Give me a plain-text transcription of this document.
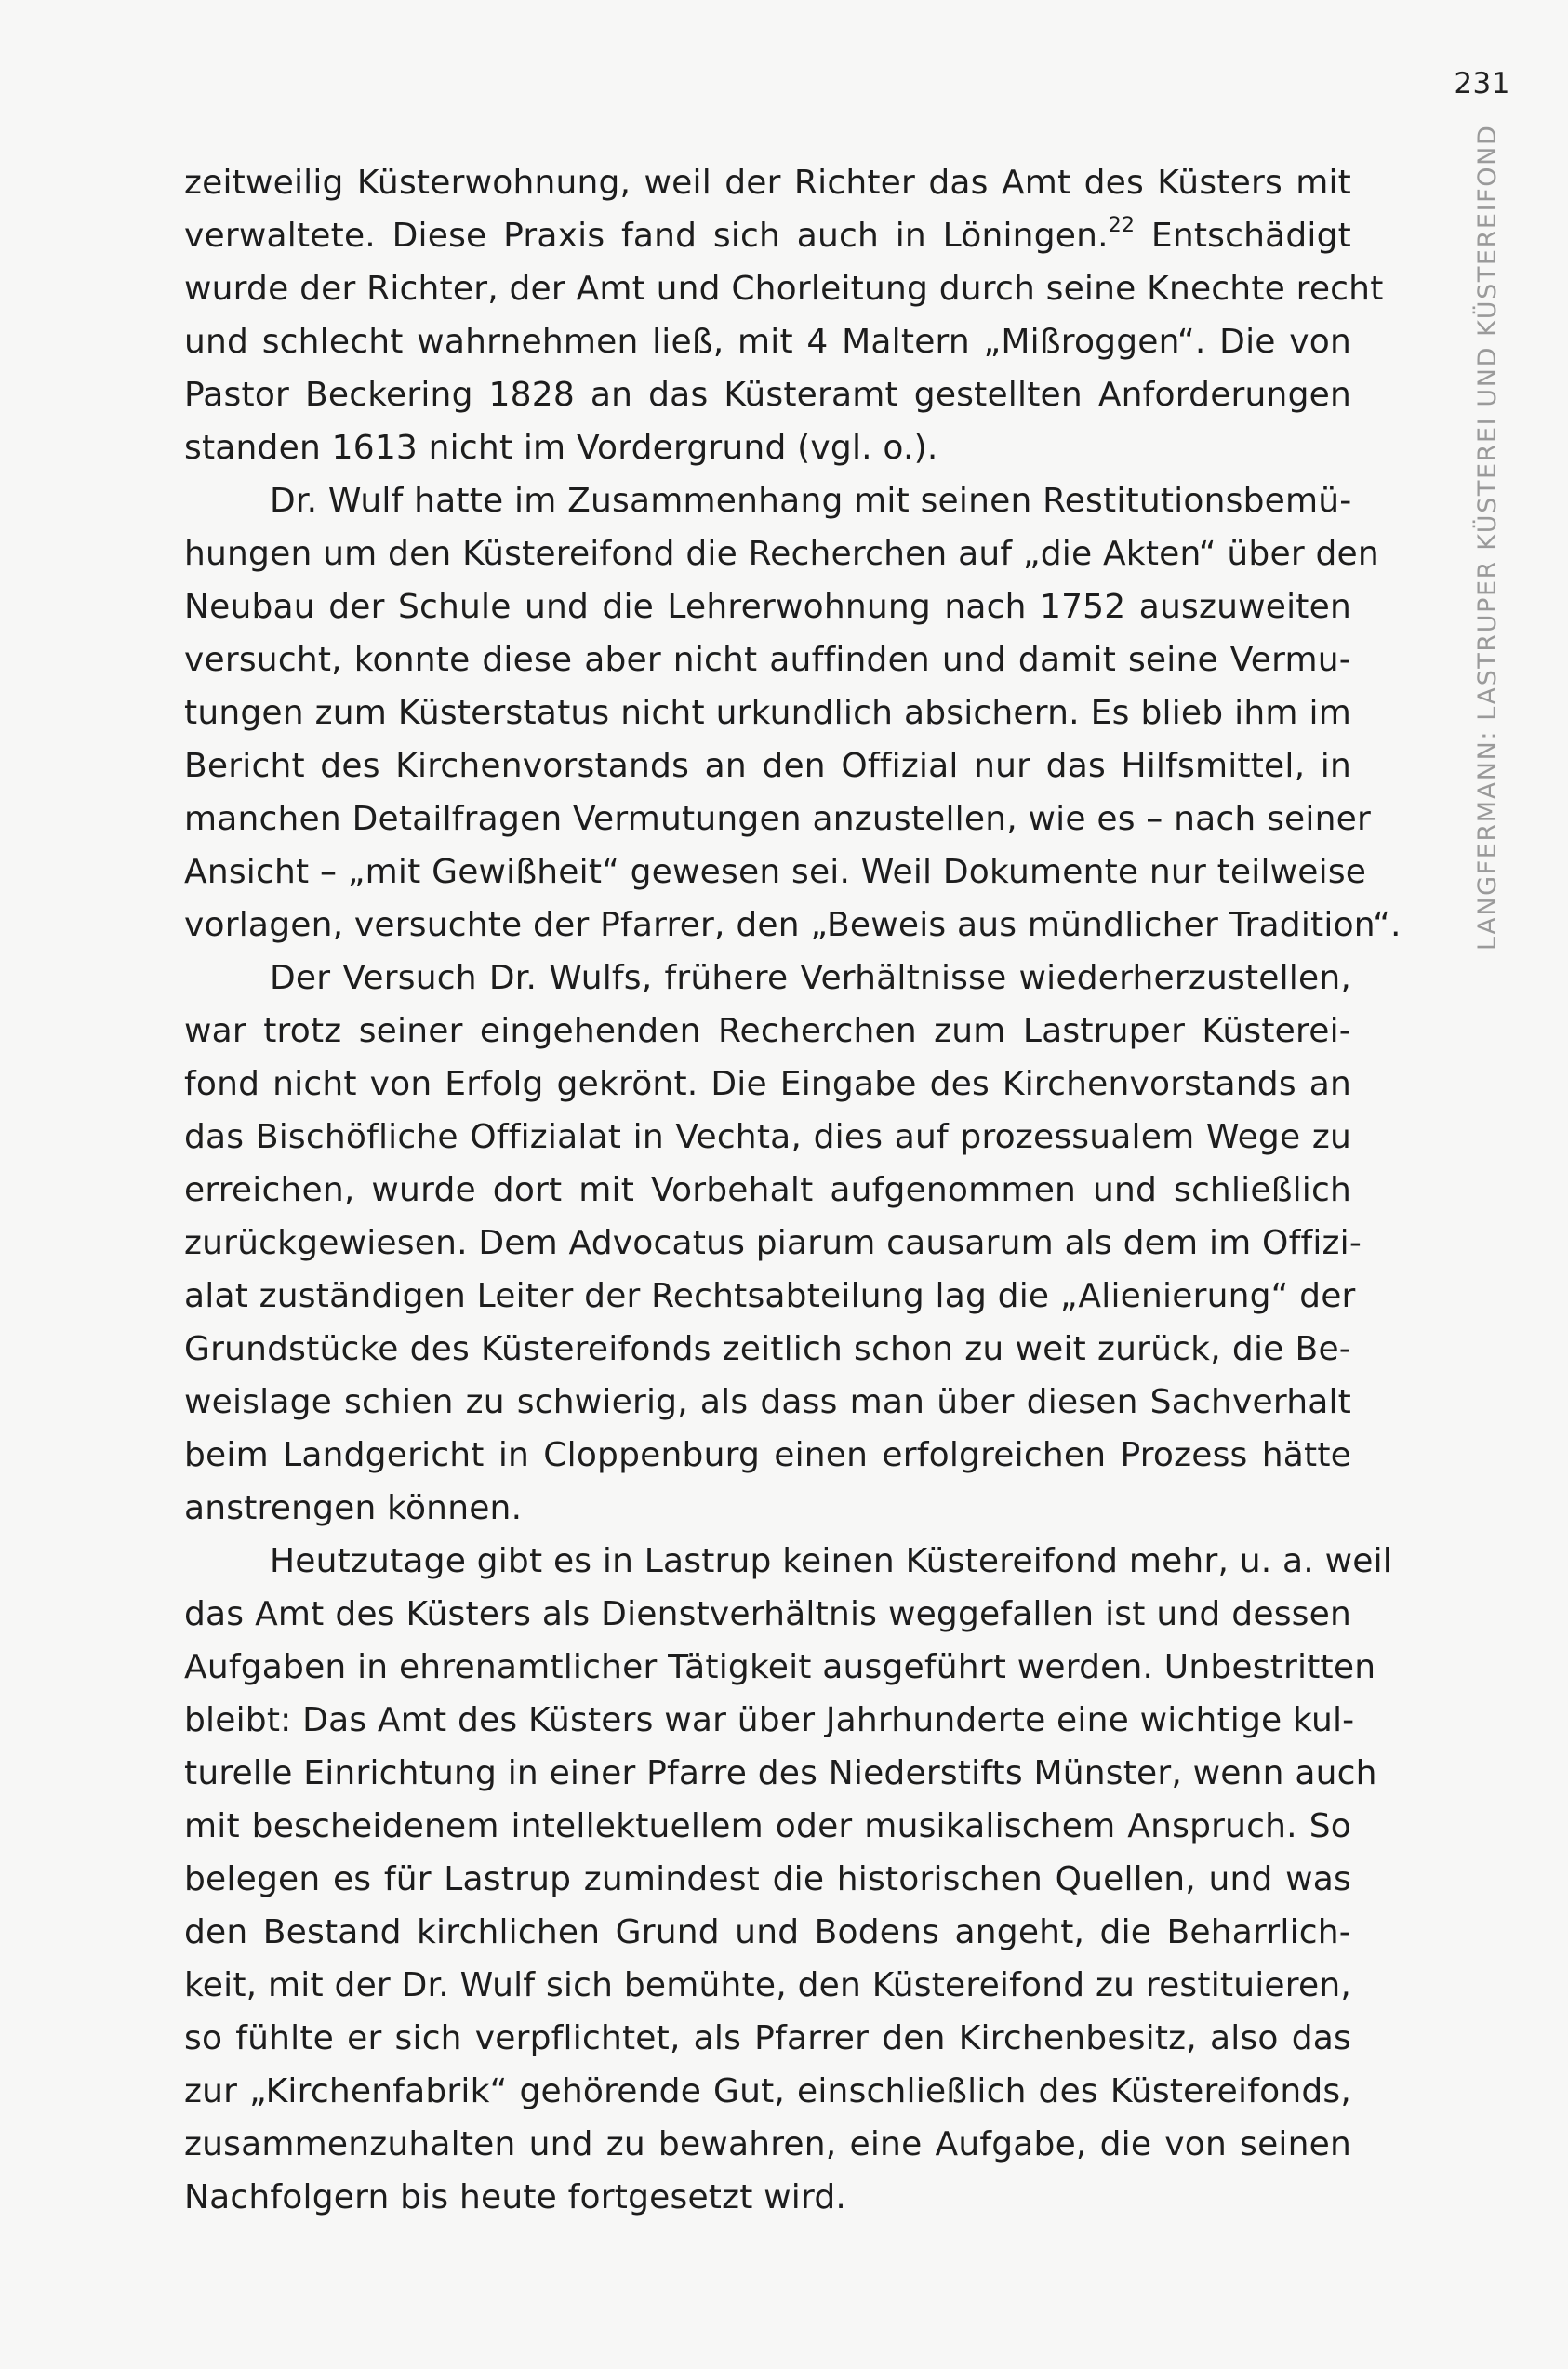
231
LANGFERMANN: LASTRUPER KÜSTEREI UND KÜSTEREIFOND
zeitweilig Küsterwohnung, weil der Richter das Amt des Küsters mit
verwaltete. Diese Praxis fand sich auch in Löningen.$^{22}$ Entschädigt
wurde der Richter, der Amt und Chorleitung durch seine Knechte recht
und schlecht wahrnehmen ließ, mit 4 Maltern „Mißroggen“. Die von
Pastor Beckering 1828 an das Küsteramt gestellten Anforderungen
standen 1613 nicht im Vordergrund (vgl. o.).
Dr. Wulf hatte im Zusammenhang mit seinen Restitutionsbemü-
hungen um den Küstereifond die Recherchen auf „die Akten“ über den
Neubau der Schule und die Lehrerwohnung nach 1752 auszuweiten
versucht, konnte diese aber nicht auffinden und damit seine Vermu-
tungen zum Küsterstatus nicht urkundlich absichern. Es blieb ihm im
Bericht des Kirchenvorstands an den Offizial nur das Hilfsmittel, in
manchen Detailfragen Vermutungen anzustellen, wie es – nach seiner
Ansicht – „mit Gewißheit“ gewesen sei. Weil Dokumente nur teilweise
vorlagen, versuchte der Pfarrer, den „Beweis aus mündlicher Tradition“.
Der Versuch Dr. Wulfs, frühere Verhältnisse wiederherzustellen,
war trotz seiner eingehenden Recherchen zum Lastruper Küsterei-
fond nicht von Erfolg gekrönt. Die Eingabe des Kirchenvorstands an
das Bischöfliche Offizialat in Vechta, dies auf prozessualem Wege zu
erreichen, wurde dort mit Vorbehalt aufgenommen und schließlich
zurückgewiesen. Dem Advocatus piarum causarum als dem im Offizi-
alat zuständigen Leiter der Rechtsabteilung lag die „Alienierung“ der
Grundstücke des Küstereifonds zeitlich schon zu weit zurück, die Be-
weislage schien zu schwierig, als dass man über diesen Sachverhalt
beim Landgericht in Cloppenburg einen erfolgreichen Prozess hätte
anstrengen können.
Heutzutage gibt es in Lastrup keinen Küstereifond mehr, u. a. weil
das Amt des Küsters als Dienstverhältnis weggefallen ist und dessen
Aufgaben in ehrenamtlicher Tätigkeit ausgeführt werden. Unbestritten
bleibt: Das Amt des Küsters war über Jahrhunderte eine wichtige kul-
turelle Einrichtung in einer Pfarre des Niederstifts Münster, wenn auch
mit bescheidenem intellektuellem oder musikalischem Anspruch. So
belegen es für Lastrup zumindest die historischen Quellen, und was
den Bestand kirchlichen Grund und Bodens angeht, die Beharrlich-
keit, mit der Dr. Wulf sich bemühte, den Küstereifond zu restituieren,
so fühlte er sich verpflichtet, als Pfarrer den Kirchenbesitz, also das
zur „Kirchenfabrik“ gehörende Gut, einschließlich des Küstereifonds,
zusammenzuhalten und zu bewahren, eine Aufgabe, die von seinen
Nachfolgern bis heute fortgesetzt wird.
